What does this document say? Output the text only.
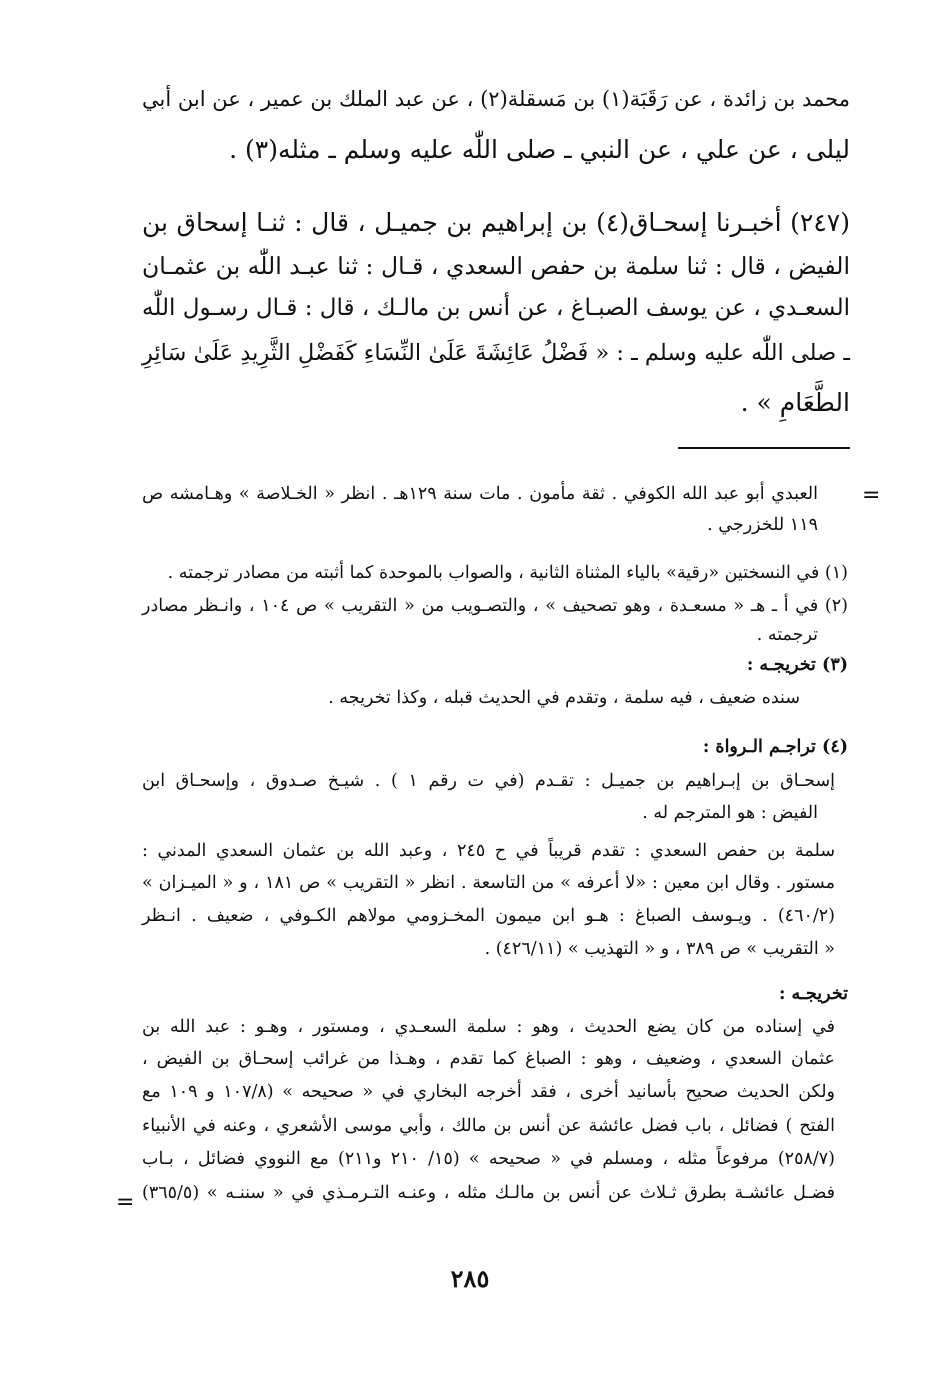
محمد بن زائدة ، عن رَقَبَة(١) بن مَسقلة(٢) ، عن عبد الملك بن عمير ، عن ابن أبي
ليلى ، عن علي ، عن النبي ـ صلى اللّٰه عليه وسلم ـ مثله(٣) .
(٢٤٧) أخبـرنا إسحـاق(٤) بن إبراهيم بن جميـل ، قال : ثنـا إسحاق بن
الفيض ، قال : ثنا سلمة بن حفص السعدي ، قـال : ثنا عبـد اللّٰه بن عثمـان
السعـدي ، عن يوسف الصبـاغ ، عن أنس بن مالـك ، قال : قـال رسـول اللّٰه
ـ صلى اللّٰه عليه وسلم ـ : « فَضْلُ عَائِشَةَ عَلَىٰ النِّسَاءِ كَفَضْلِ الثَّرِيدِ عَلَىٰ سَائِرِ
الطَّعَامِ » .
=
العبدي أبو عبد الله الكوفي . ثقة مأمون . مات سنة ١٢٩هـ . انظر « الخـلاصة » وهـامشه ص
١١٩ للخزرجي .
(١) في النسختين «رقية» بالياء المثناة الثانية ، والصواب بالموحدة كما أثبته من مصادر ترجمته .
(٢) في أ ـ هـ « مسعـدة ، وهو تصحيف » ، والتصـويب من « التقريب » ص ١٠٤ ، وانـظر مصادر
ترجمته .
(٣) تخريجـه :
سنده ضعيف ، فيه سلمة ، وتقدم في الحديث قبله ، وكذا تخريجه .
(٤) تراجـم الـرواة :
إسحـاق بن إبـراهيم بن جميـل : تقـدم (في ت رقم ١ ) . شيـخ صـدوق ، وإسحـاق ابن
الفيض : هو المترجم له .
سلمة بن حفص السعدي : تقدم قريباً في ح ٢٤٥ ، وعبد الله بن عثمان السعدي المدني :
مستور . وقال ابن معين : «لا أعرفه » من التاسعة . انظر « التقريب » ص ١٨١ ، و « الميـزان »
(٤٦٠/٢) . ويـوسف الصباغ : هـو ابن ميمون المخـزومي مولاهم الكـوفي ، ضعيف . انـظر
« التقريب » ص ٣٨٩ ، و « التهذيب » (٤٢٦/١١) .
تخريجـه :
في إسناده من كان يضع الحديث ، وهو : سلمة السعـدي ، ومستور ، وهـو : عبد الله بن
عثمان السعدي ، وضعيف ، وهو : الصباغ كما تقدم ، وهـذا من غرائب إسحـاق بن الفيض ،
ولكن الحديث صحيح بأسانيد أخرى ، فقد أخرجه البخاري في « صحيحه » (١٠٧/٨ و ١٠٩ مع
الفتح ) فضائل ، باب فضل عائشة عن أنس بن مالك ، وأبي موسى الأشعري ، وعنه في الأنبياء
(٢٥٨/٧) مرفوعاً مثله ، ومسلم في « صحيحه » (١٥/ ٢١٠ و٢١١) مع النووي فضائل ، بـاب
فضـل عائشـة بطرق ثـلاث عن أنس بن مالـك مثله ، وعنـه التـرمـذي في « سننـه » (٣٦٥/٥)
=
٢٨٥
